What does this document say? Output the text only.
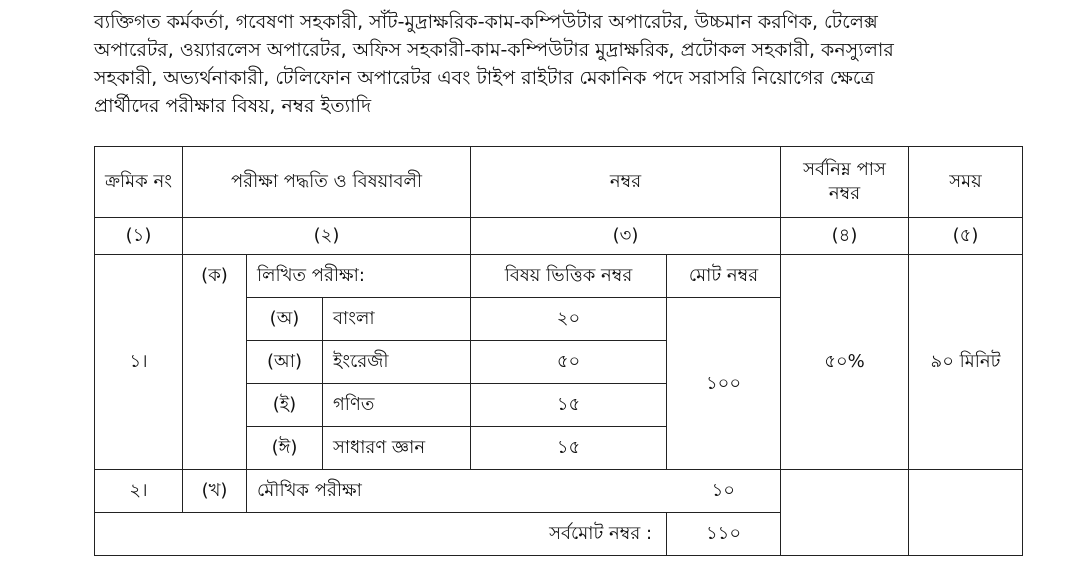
ব্যক্তিগত কর্মকর্তা, গবেষণা সহকারী, সাঁট-মুদ্রাক্ষরিক-কাম-কম্পিউটার অপারেটর, উচ্চমান করণিক, টেলেক্স
অপারেটর, ওয়্যারলেস অপারেটর, অফিস সহকারী-কাম-কম্পিউটার মুদ্রাক্ষরিক, প্রটোকল সহকারী, কনস্যুলার
সহকারী, অভ্যর্থনাকারী, টেলিফোন অপারেটর এবং টাইপ রাইটার মেকানিক পদে সরাসরি নিয়োগের ক্ষেত্রে
প্রার্থীদের পরীক্ষার বিষয়, নম্বর ইত্যাদি
ক্রমিক নং	পরীক্ষা পদ্ধতি ও বিষয়াবলী			নম্বর		সর্বনিম্ন পাস নম্বর	সময়
(১)	(২)			(৩)		(৪)	(৫)
১।	(ক)	লিখিত পরীক্ষা:		বিষয় ভিত্তিক নম্বর	মোট নম্বর	৫০%	৯০ মিনিট
		(অ)	বাংলা	২০	১০০		
		(আ)	ইংরেজী	৫০			
		(ই)	গণিত	১৫			
		(ঈ)	সাধারণ জ্ঞান	১৫			
২।	(খ)	মৌখিক পরীক্ষা			১০		
সর্বমোট নম্বর :					১১০		
